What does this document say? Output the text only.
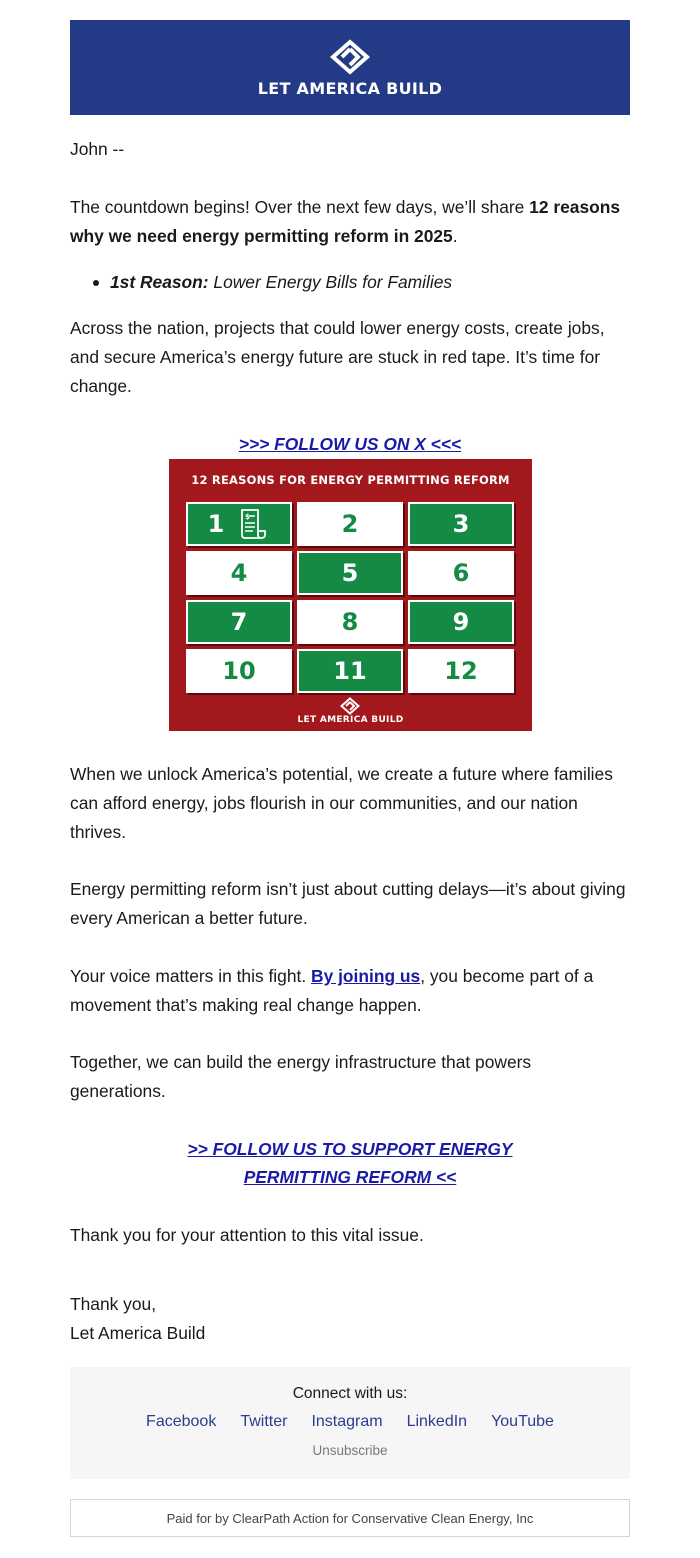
LET AMERICA BUILD
John --
The countdown begins! Over the next few days, we’ll share 12 reasons why we need energy permitting reform in 2025.
1st Reason: Lower Energy Bills for Families
Across the nation, projects that could lower energy costs, create jobs, and secure America’s energy future are stuck in red tape. It’s time for change.
>>> FOLLOW US ON X <<<
12 REASONS FOR ENERGY PERMITTING REFORM
1	$	2	3
4	5	6
7	8	9
10	11	12
LET AMERICA BUILD
When we unlock America’s potential, we create a future where families can afford energy, jobs flourish in our communities, and our nation thrives.
Energy permitting reform isn’t just about cutting delays—it’s about giving every American a better future.
Your voice matters in this fight. By joining us, you become part of a movement that’s making real change happen.
Together, we can build the energy infrastructure that powers generations.
>> FOLLOW US TO SUPPORT ENERGY
PERMITTING REFORM <<
Thank you for your attention to this vital issue.
Thank you,
Let America Build
Connect with us:
Facebook Twitter Instagram LinkedIn YouTube
Unsubscribe
Paid for by ClearPath Action for Conservative Clean Energy, Inc
